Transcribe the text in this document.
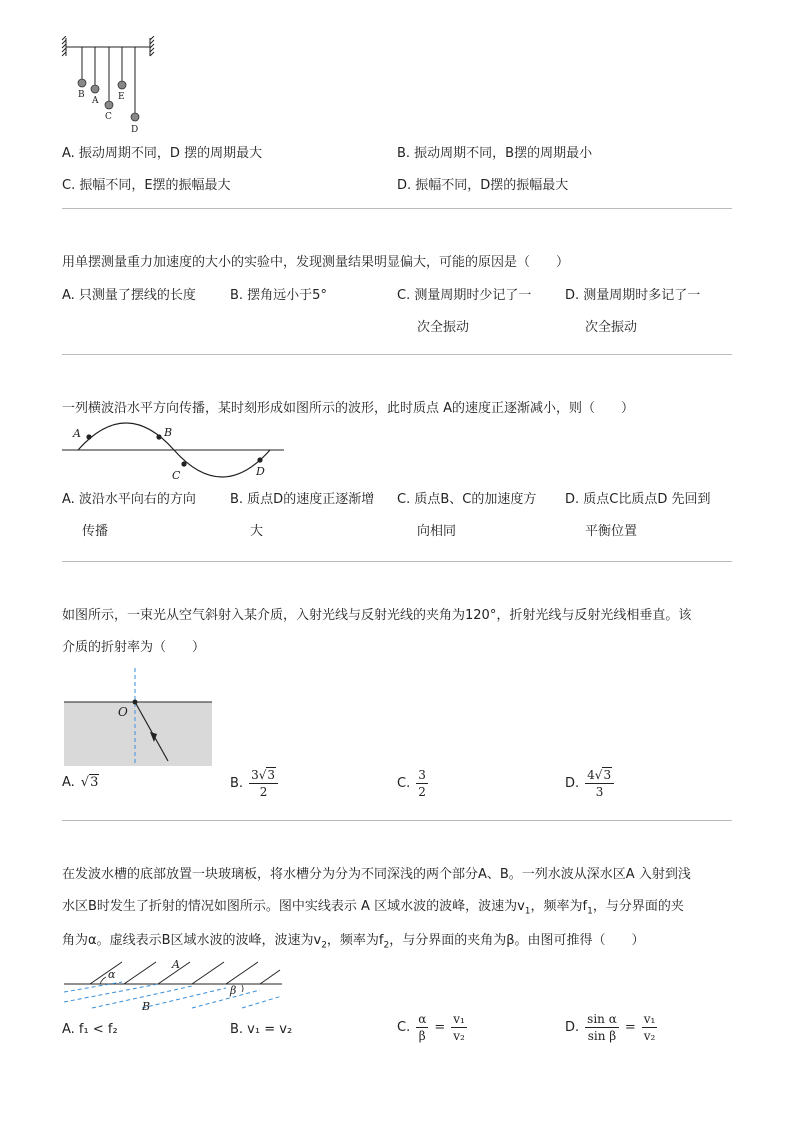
B
A
C
E
D
A. 振动周期不同，D 摆的周期最大	B. 振动周期不同，B摆的周期最小
C. 振幅不同，E摆的振幅最大	D. 振幅不同，D摆的振幅最大
用单摆测量重力加速度的大小的实验中，发现测量结果明显偏大，可能的原因是（　　）
A. 只测量了摆线的长度	B. 摆角远小于5°	C. 测量周期时少记了一
次全振动
D. 测量周期时多记了一
次全振动
一列横波沿水平方向传播，某时刻形成如图所示的波形，此时质点 A的速度正逐渐减小，则（　　）
A	B
C	D
A. 波沿水平向右的方向
传播
B. 质点D的速度正逐渐增
大
C. 质点B、C的加速度方
向相同
D. 质点C比质点D 先回到
平衡位置
如图所示，一束光从空气斜射入某介质，入射光线与反射光线的夹角为120°，折射光线与反射光线相垂直。该
介质的折射率为（　　）
O
A. √3	B. $\frac{3√3}{2}$	C. $\frac{3}{2}$	D. $\frac{4√3}{3}$
在发波水槽的底部放置一块玻璃板，将水槽分为分为不同深浅的两个部分A、B。一列水波从深水区A 入射到浅
水区B时发生了折射的情况如图所示。图中实线表示 A 区域水波的波峰，波速为$v_1$，频率为$f_1$，与分界面的夹
角为α。虚线表示B区域水波的波峰，波速为$v_2$，频率为$f_2$，与分界面的夹角为β。由图可推得（　　）
α
A
B
β
A. f₁ < f₂	B. v₁ = v₂	C. $\frac{\alpha}{\beta} = \frac{\text{v₁}}{\text{v₂}}$	D. $\frac{\text{sin α}}{\text{sin β}} = \frac{\text{v₁}}{\text{v₂}}$
